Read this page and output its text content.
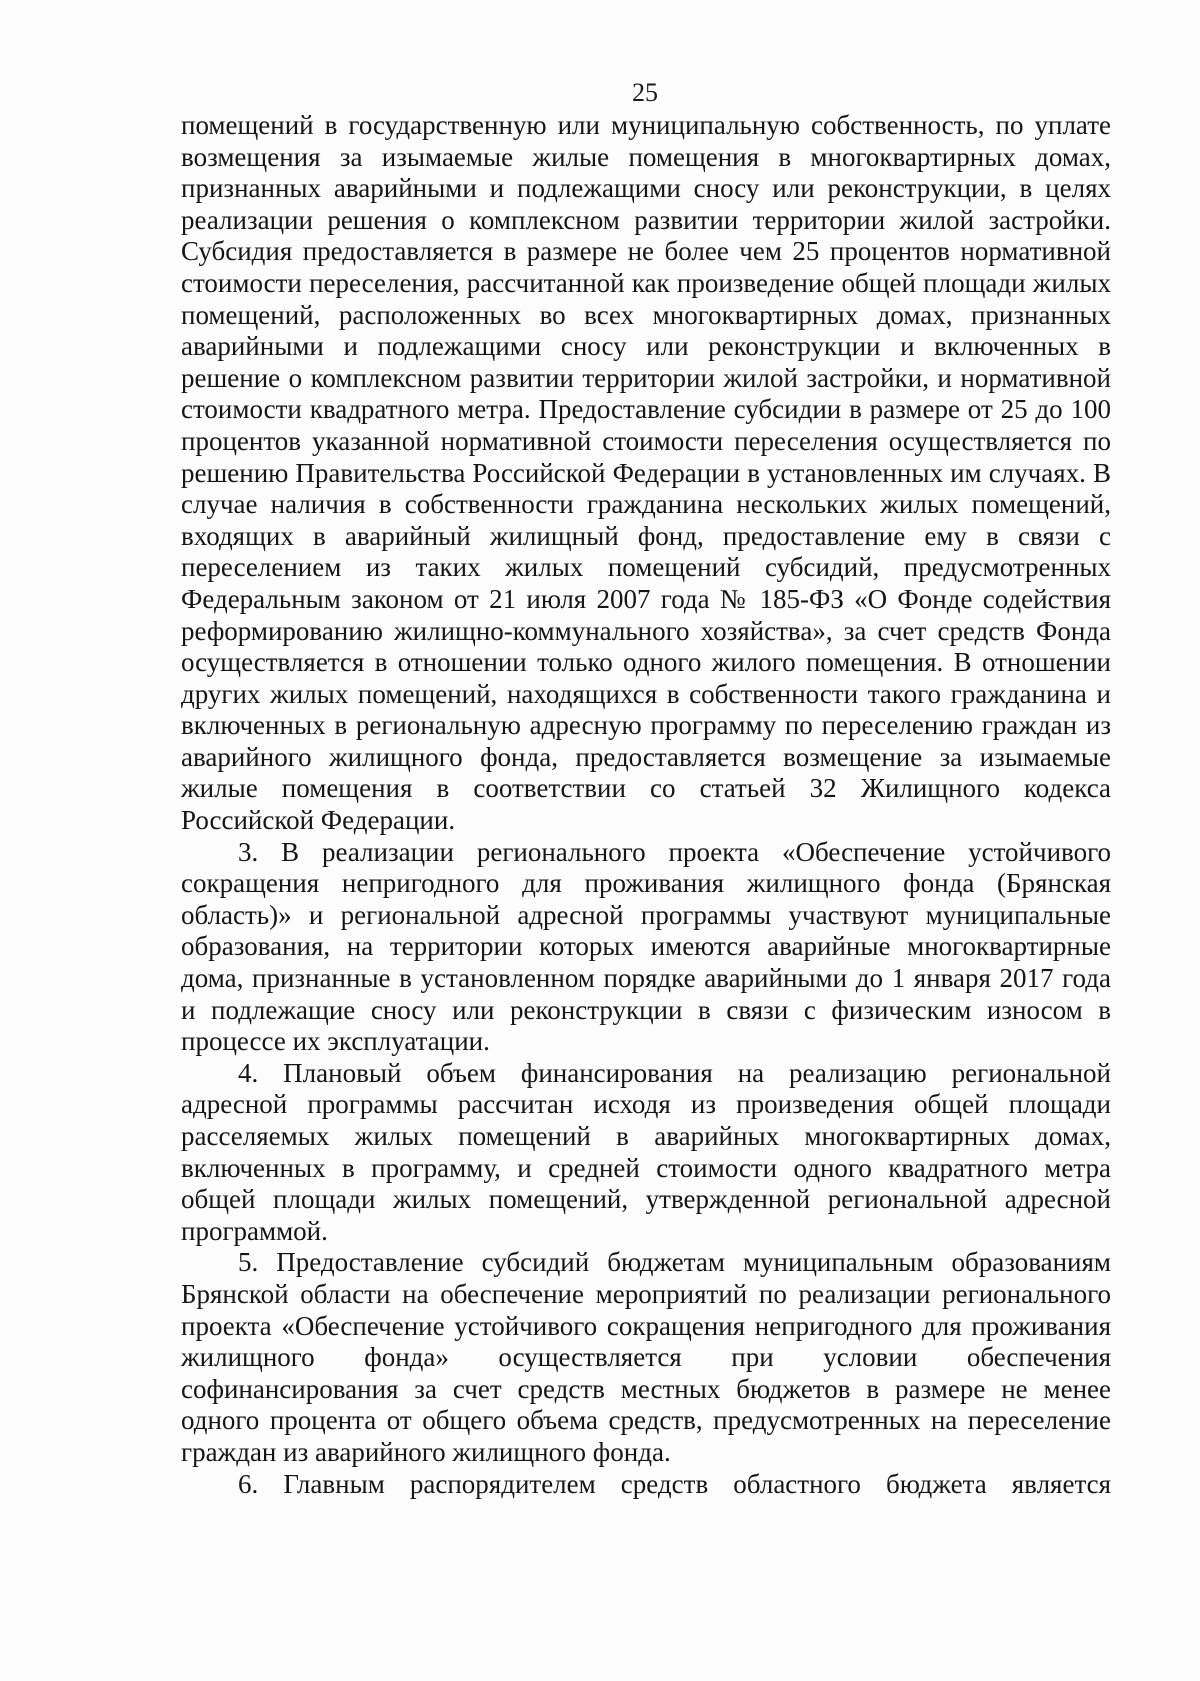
25

помещений в государственную или муниципальную собственность, по уплате возмещения за изымаемые жилые помещения в многоквартирных домах, признанных аварийными и подлежащими сносу или реконструкции, в целях реализации решения о комплексном развитии территории жилой застройки. Субсидия предоставляется в размере не более чем 25 процентов нормативной стоимости переселения, рассчитанной как произведение общей площади жилых помещений, расположенных во всех многоквартирных домах, признанных аварийными и подлежащими сносу или реконструкции и включенных в решение о комплексном развитии территории жилой застройки, и нормативной стоимости квадратного метра. Предоставление субсидии в размере от 25 до 100 процентов указанной нормативной стоимости переселения осуществляется по решению Правительства Российской Федерации в установленных им случаях. В случае наличия в собственности гражданина нескольких жилых помещений, входящих в аварийный жилищный фонд, предоставление ему в связи с переселением из таких жилых помещений субсидий, предусмотренных Федеральным законом от 21 июля 2007 года № 185-ФЗ «О Фонде содействия реформированию жилищно-коммунального хозяйства», за счет средств Фонда осуществляется в отношении только одного жилого помещения. В отношении других жилых помещений, находящихся в собственности такого гражданина и включенных в региональную адресную программу по переселению граждан из аварийного жилищного фонда, предоставляется возмещение за изымаемые жилые помещения в соответствии со статьей 32 Жилищного кодекса Российской Федерации.

3. В реализации регионального проекта «Обеспечение устойчивого сокращения непригодного для проживания жилищного фонда (Брянская область)» и региональной адресной программы участвуют муниципальные образования, на территории которых имеются аварийные многоквартирные дома, признанные в установленном порядке аварийными до 1 января 2017 года и подлежащие сносу или реконструкции в связи с физическим износом в процессе их эксплуатации.

4. Плановый объем финансирования на реализацию региональной адресной программы рассчитан исходя из произведения общей площади расселяемых жилых помещений в аварийных многоквартирных домах, включенных в программу, и средней стоимости одного квадратного метра общей площади жилых помещений, утвержденной региональной адресной программой.

5. Предоставление субсидий бюджетам муниципальным образованиям Брянской области на обеспечение мероприятий по реализации регионального проекта «Обеспечение устойчивого сокращения непригодного для проживания жилищного фонда» осуществляется при условии обеспечения софинансирования за счет средств местных бюджетов в размере не менее одного процента от общего объема средств, предусмотренных на переселение граждан из аварийного жилищного фонда.

6. Главным распорядителем средств областного бюджета является
